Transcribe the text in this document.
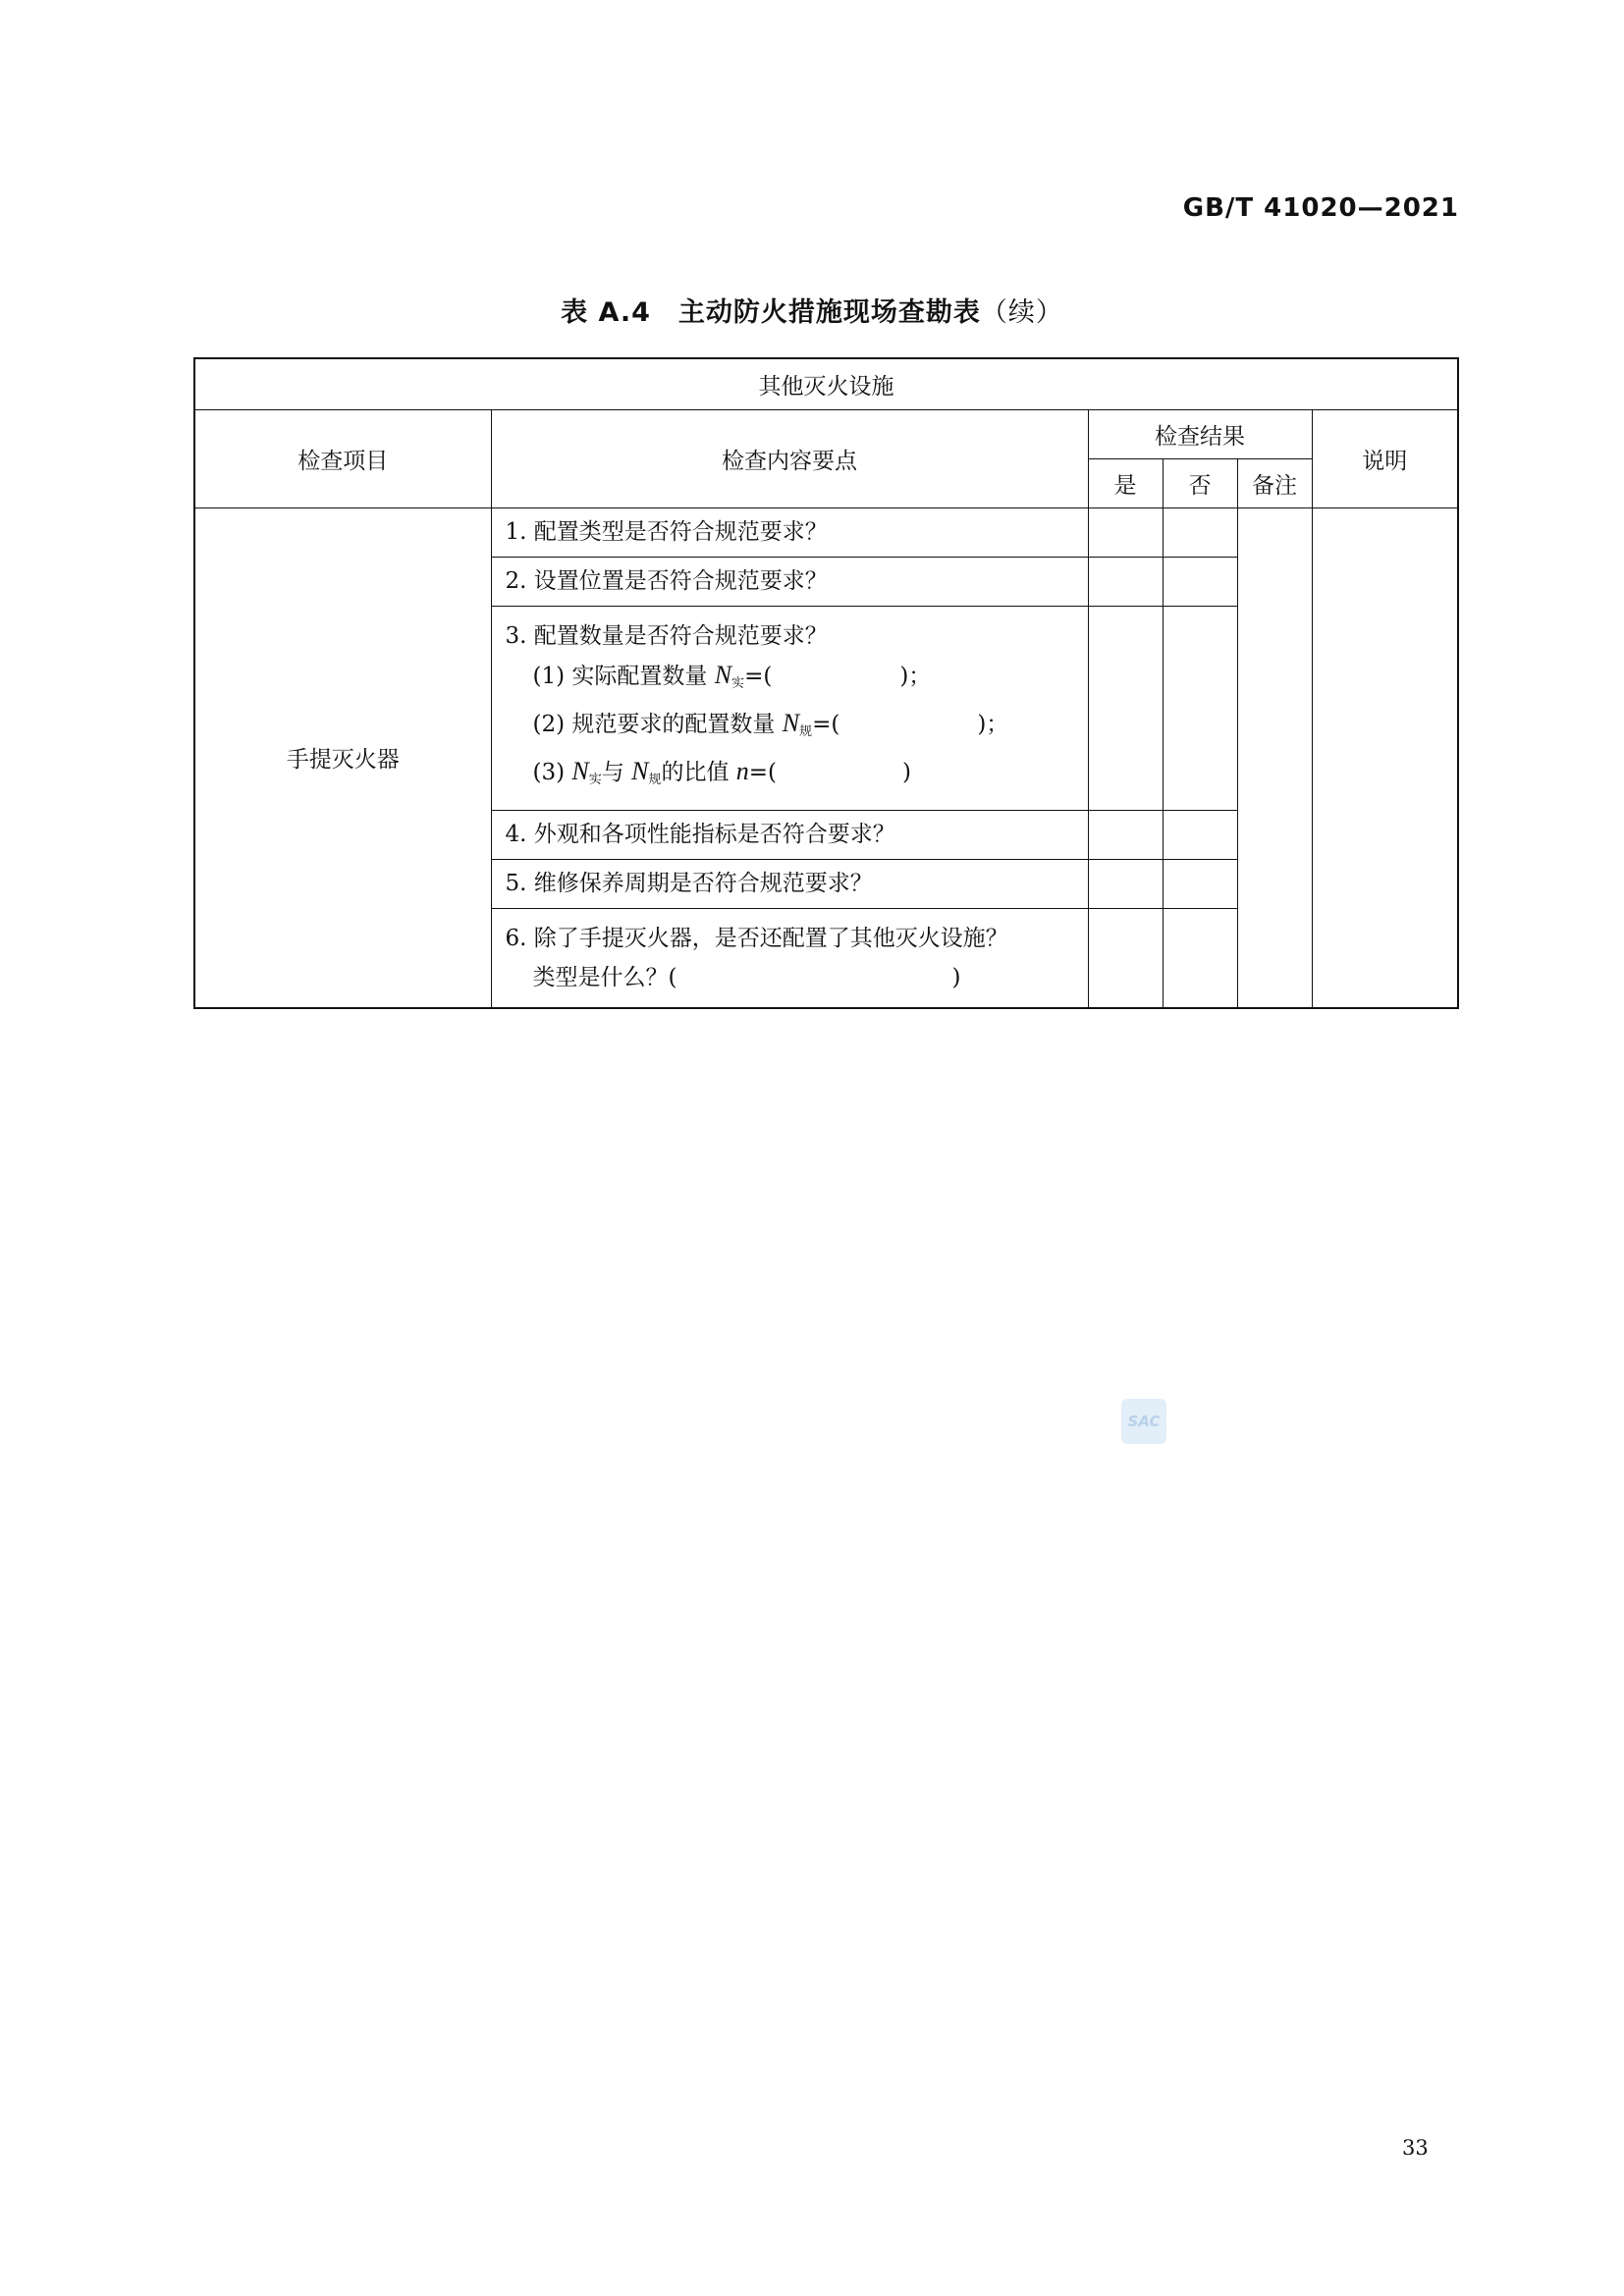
GB/T 41020—2021
表 A.4 主动防火措施现场查勘表（续）
其他灭火设施					
检查项目	检查内容要点	检查结果			说明
		是	否	备注	
手提灭火器	1. 配置类型是否符合规范要求？				
	2. 设置位置是否符合规范要求？				

	3. 配置数量是否符合规范要求？
(1) 实际配置数量 $N_实=$( )；
(2) 规范要求的配置数量 $N_规=$( )；
(3) $N_实$与 $N_规$的比值 n=( )				

	4. 外观和各项性能指标是否符合要求？				
	5. 维修保养周期是否符合规范要求？				

	6. 除了手提灭火器，是否还配置了其他灭火设施？
类型是什么？( )				

SAC
33
